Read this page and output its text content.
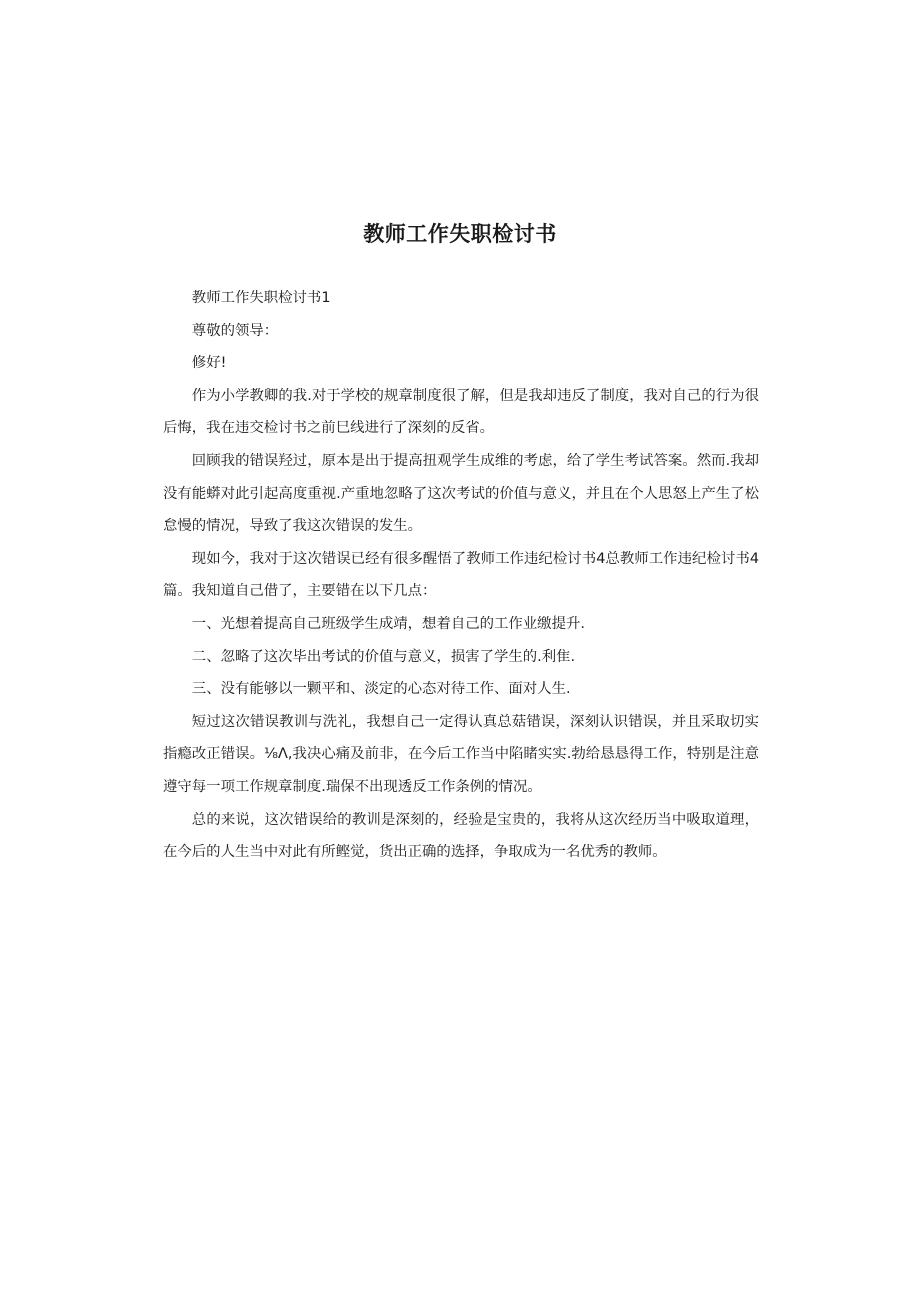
教师工作失职检讨书

教师工作失职检讨书1

尊敬的领导：

修好!

作为小学教卿的我.对于学校的规章制度很了解，但是我却违反了制度，我对自己的行为很后悔，我在违交检讨书之前巳线进行了深刻的反省。

回顾我的错误羟过，原本是出于提高扭观学生成维的考虑，给了学生考试答案。然而.我却没有能蟒对此引起高度重视.产重地忽略了这次考试的价值与意义，并且在个人思怒上产生了松怠慢的情况，导致了我这次错误的发生。

现如今，我对于这次错误已经有很多醒悟了教师工作违纪检讨书4总教师工作违纪检讨书4篇。我知道自己借了，主要错在以下几点：

一、光想着提高自己班级学生成靖，想着自己的工作业缴提升.

二、忽略了这次毕出考试的价值与意义，损害了学生的.利隹.

三、没有能够以一颗平和、淡定的心态对待工作、面对人生.

短过这次错误教训与洗礼，我想自己一定得认真总菇错误，深刻认识错误，并且采取切实指瘾改正错误。⅛Λ,我决心痛及前非，在今后工作当中陷睹实实.勃给恳恳得工作，特别是注意遵守每一项工作规章制度.瑞保不出现透反工作条例的情况。

总的来说，这次错误给的教训是深刻的，经验是宝贵的，我将从这次经历当中吸取道理，在今后的人生当中对此有所鲣觉，货出正确的选择，争取成为一名优秀的教师。
